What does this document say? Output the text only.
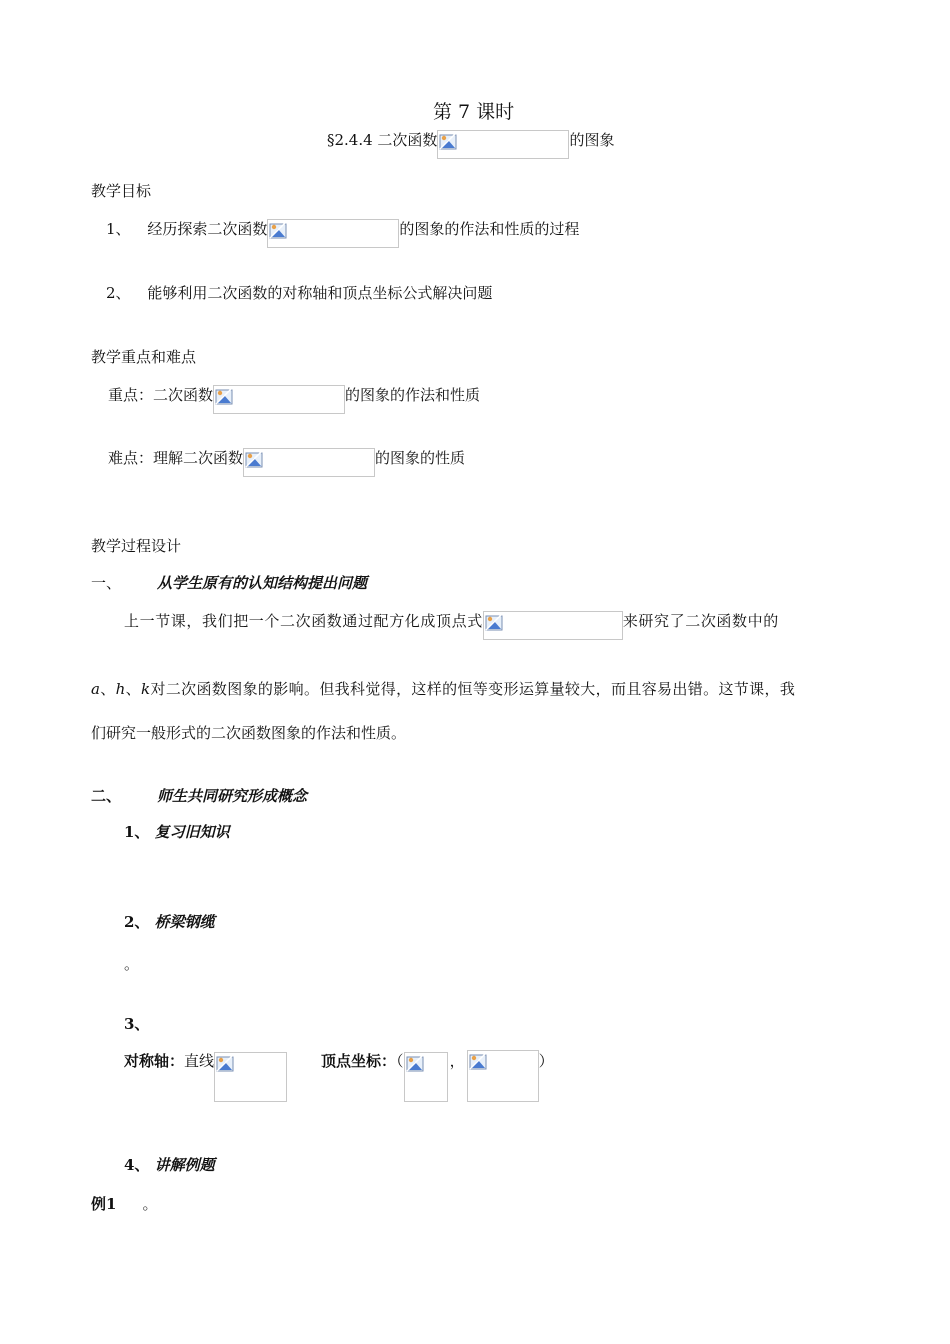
第 7 课时
§2.4.4 二次函数	的图象
教学目标
1、 经历探索二次函数	的图象的作法和性质的过程
2、 能够利用二次函数的对称轴和顶点坐标公式解决问题
教学重点和难点
重点：二次函数	的图象的作法和性质
难点：理解二次函数	的图象的性质
教学过程设计
一、 从学生原有的认知结构提出问题
上一节课，我们把一个二次函数通过配方化成顶点式	来研究了二次函数中的
a、h、k对二次函数图象的影响。但我科觉得，这样的恒等变形运算量较大，而且容易出错。这节课，我
们研究一般形式的二次函数图象的作法和性质。
二、 师生共同研究形成概念
1、 复习旧知识
2、 桥梁钢缆
。
3、
对称轴：直线	顶点坐标：（	，	）
4、 讲解例题
例1 。
